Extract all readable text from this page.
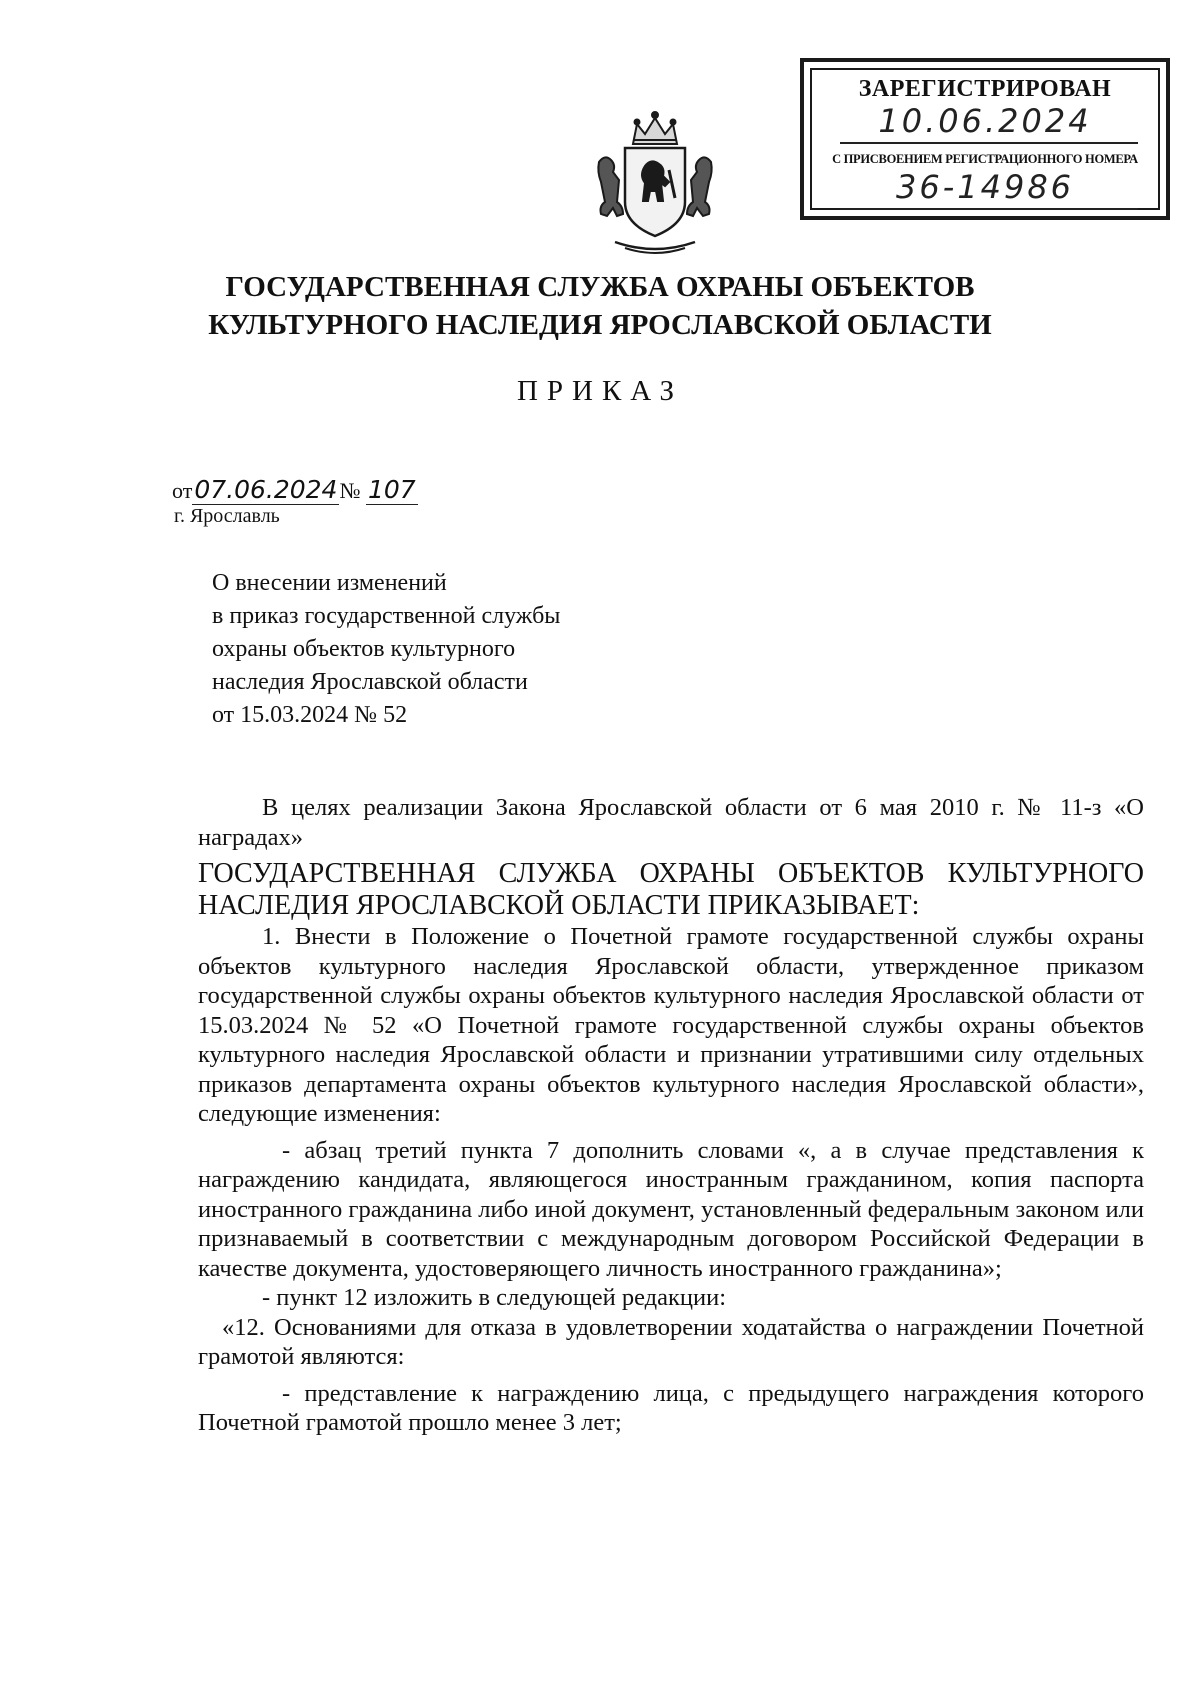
ЗАРЕГИСТРИРОВАН
10.06.2024
С ПРИСВОЕНИЕМ РЕГИСТРАЦИОННОГО НОМЕРА
36-14986
ГОСУДАРСТВЕННАЯ СЛУЖБА ОХРАНЫ ОБЪЕКТОВ
КУЛЬТУРНОГО НАСЛЕДИЯ ЯРОСЛАВСКОЙ ОБЛАСТИ
ПРИКАЗ
от07.06.2024№ 107
г. Ярославль
О внесении изменений
в приказ государственной службы
охраны объектов культурного
наследия Ярославской области
от 15.03.2024 № 52

В целях реализации Закона Ярославской области от 6 мая 2010 г. № 11-з «О наградах»

ГОСУДАРСТВЕННАЯ СЛУЖБА ОХРАНЫ ОБЪЕКТОВ КУЛЬТУРНОГО НАСЛЕДИЯ ЯРОСЛАВСКОЙ ОБЛАСТИ ПРИКАЗЫВАЕТ:

1. Внести в Положение о Почетной грамоте государственной службы охраны объектов культурного наследия Ярославской области, утвержденное приказом государственной службы охраны объектов культурного наследия Ярославской области от 15.03.2024 № 52 «О Почетной грамоте государственной службы охраны объектов культурного наследия Ярославской области и признании утратившими силу отдельных приказов департамента охраны объектов культурного наследия Ярославской области», следующие изменения:

- абзац третий пункта 7 дополнить словами «, а в случае представления к награждению кандидата, являющегося иностранным гражданином, копия паспорта иностранного гражданина либо иной документ, установленный федеральным законом или признаваемый в соответствии с международным договором Российской Федерации в качестве документа, удостоверяющего личность иностранного гражданина»;

- пункт 12 изложить в следующей редакции:

«12. Основаниями для отказа в удовлетворении ходатайства о награждении Почетной грамотой являются:

- представление к награждению лица, с предыдущего награждения которого Почетной грамотой прошло менее 3 лет;
